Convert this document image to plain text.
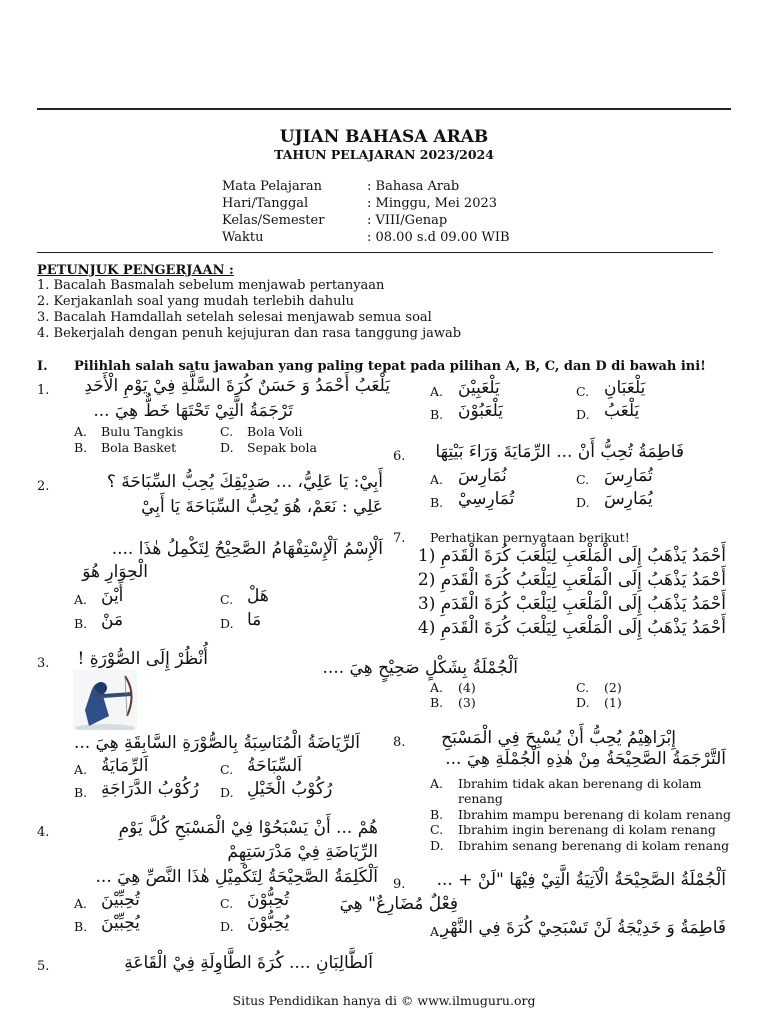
UJIAN BAHASA ARAB
TAHUN PELAJARAN 2023/2024
Mata Pelajaran	: Bahasa Arab
Hari/Tanggal	: Minggu, Mei 2023
Kelas/Semester	: VIII/Genap
Waktu	: 08.00 s.d 09.00 WIB
PETUNJUK PENGERJAAN :
1. Bacalah Basmalah sebelum menjawab pertanyaan
2. Kerjakanlah soal yang mudah terlebih dahulu
3. Bacalah Hamdallah setelah selesai menjawab semua soal
4. Bekerjalah dengan penuh kejujuran dan rasa tanggung jawab
I. Pilihlah salah satu jawaban yang paling tepat pada pilihan A, B, C, dan D di bawah ini!
1. يَلْعَبُ أَحْمَدُ وَ حَسَنٌ كُرَةَ السَّلَّةِ فِيْ يَوْمِ الْأَحَدِ
تَرْجَمَةُ الَّتِيْ تَحْتَهَا خَطٌّ هِيَ ...
A. Bulu Tangkis	C. Bola Voli
B. Bola Basket	D. Sepak bola
2.	أَبِيْ: يَا عَلِيُّ، ... صَدِيْقِكَ يُحِبُّ السِّبَاحَةَ ؟
عَلِي : نَعَمْ، هُوَ يُحِبُّ السِّبَاحَةَ يَا أَبِيْ
اَلْإِسْمُ اَلْإِسْتِفْهَامُ الصَّحِيْحُ لِتَكْمِلُ هٰذَا ....
الْحِوَارِ هُوَ
A. أَيْنَ	C. هَلْ
B. مَنْ	D. مَا
3. أُنْظُرْ إِلَى الصُّوْرَةِ !
اَلرِّيَاضَةُ الْمُنَاسِبَةُ بِالصُّوْرَةِ السَّابِقَةِ هِيَ ...
A. اَلرِّمَايَةُ	C. اَلسِّبَاحَةُ
B. رُكُوْبُ الدَّرَاجَةِ D. رُكُوْبُ الْخَيْلِ
4.	هُمْ ... أَنْ يَسْبَحُوْا فِيْ الْمَسْبَحِ كُلَّ يَوْمِ
الرِّيَاضَةِ فِيْ مَدْرَسَتِهِمْ
اَلْكَلِمَةُ الصَّحِيْحَةُ لِتَكْمِيْلِ هٰذَا النَّصِّ هِيَ ...
A. تُحِبِّيْنَ	C. تُحِبُّوْنَ
B. يُحِبِّيْنَ	D. يُحِبُّوْنَ
5.	اَلطَّالِبَانِ .... كُرَةَ الطَّاوِلَةِ فِيْ الْقَاعَةِ
A. يَلْعَبِيْنَ	C. يَلْعَبَانِ
B. يَلْعَبُوْنَ	D. يَلْعَبُ
6. فَاطِمَةُ تُحِبُّ أَنْ ... الرِّمَايَةَ وَرَاءَ بَيْتِهَا
A. نُمَارِسَ	C. تُمَارِسَ
B. تُمَارِسِيْ	D. يُمَارِسَ
7. Perhatikan pernyataan berikut!
أَحْمَدُ يَذْهَبُ إِلَى الْمَلْعَبِ لِيَلْعَبَ كُرَةَ الْقَدَمِ (1
أَحْمَدُ يَذْهَبُ إِلَى الْمَلْعَبِ لِيَلْعَبُ كُرَةَ الْقَدَمِ (2
أَحْمَدُ يَذْهَبُ إِلَى الْمَلْعَبِ لِيَلْعَبْ كُرَةَ الْقَدَمِ (3
أَحْمَدُ يَذْهَبُ إِلَى الْمَلْعَبِ لِيَلْعَبَ كُرَةَ الْقَدَمِ (4
اَلْجُمْلَةُ بِشَكْلٍ صَحِيْحٍ هِيَ ....
A. (4)	C. (2)
B. (3)	D. (1)
8. إِبْرَاهِيْمُ يُحِبُّ أَنْ يُسْبِحَ فِي الْمَسْبَحِ
اَلتَّرْجَمَةُ الصَّحِيْحَةُ مِنْ هٰذِهِ الْجُمْلَةِ هِيَ ...
A. Ibrahim tidak akan berenang di kolam
renang
B. Ibrahim mampu berenang di kolam renang
C. Ibrahim ingin berenang di kolam renang
D. Ibrahim senang berenang di kolam renang
9. اَلْجُمْلَةُ الصَّحِيْحَةُ الْآتِيَةُ الَّتِيْ فِيْهَا "لَنْ + ...
فِعْلٌ مُضَارِعٌ" هِيَ
A.
فَاطِمَةُ وَ خَدِيْجَةُ لَنْ تَسْبَحِيْ كُرَةَ فِي النَّهْرِ
Situs Pendidikan hanya di © www.ilmuguru.org
